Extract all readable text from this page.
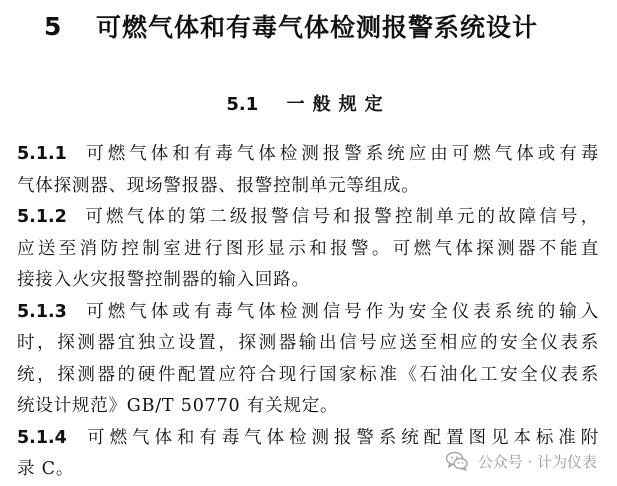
5	可燃气体和有毒气体检测报警系统设计
5.1 一般规定

5.1.1 可燃气体和有毒气体检测报警系统应由可燃气体或有毒
气体探测器、现场警报器、报警控制单元等组成。

5.1.2 可燃气体的第二级报警信号和报警控制单元的故障信号，
应送至消防控制室进行图形显示和报警。可燃气体探测器不能直
接接入火灾报警控制器的输入回路。

5.1.3 可燃气体或有毒气体检测信号作为安全仪表系统的输入
时，探测器宜独立设置，探测器输出信号应送至相应的安全仪表系
统，探测器的硬件配置应符合现行国家标准《石油化工安全仪表系
统设计规范》GB/T 50770 有关规定。

5.1.4 可燃气体和有毒气体检测报警系统配置图见本标准附
录 C。	公众号 · 计为仪表
